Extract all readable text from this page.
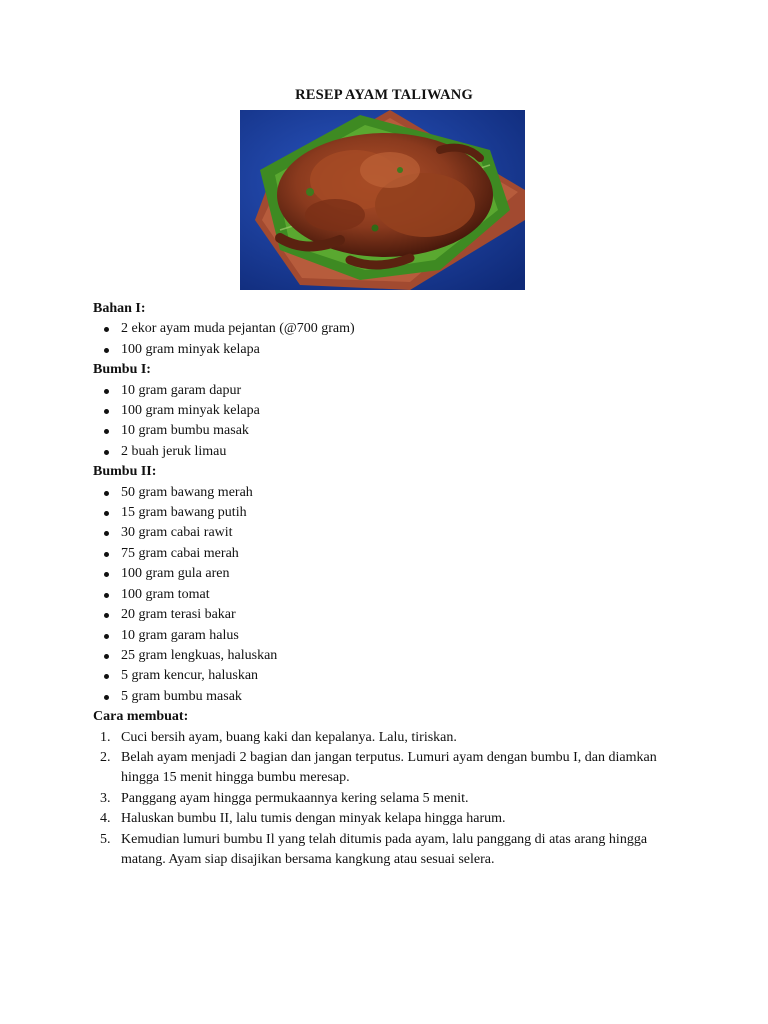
RESEP AYAM TALIWANG

Bahan I:

2 ekor ayam muda pejantan (@700 gram)
100 gram minyak kelapa

Bumbu I:

10 gram garam dapur
100 gram minyak kelapa
10 gram bumbu masak
2 buah jeruk limau

Bumbu II:

50 gram bawang merah
15 gram bawang putih
30 gram cabai rawit
75 gram cabai merah
100 gram gula aren
100 gram tomat
20 gram terasi bakar
10 gram garam halus
25 gram lengkuas, haluskan
5 gram kencur, haluskan
5 gram bumbu masak

Cara membuat:

1. Cuci bersih ayam, buang kaki dan kepalanya. Lalu, tiriskan.
2. Belah ayam menjadi 2 bagian dan jangan terputus. Lumuri ayam dengan bumbu I, dan diamkan hingga 15 menit hingga bumbu meresap.
3. Panggang ayam hingga permukaannya kering selama 5 menit.
4. Haluskan bumbu II, lalu tumis dengan minyak kelapa hingga harum.
5. Kemudian lumuri bumbu Il yang telah ditumis pada ayam, lalu panggang di atas arang hingga matang. Ayam siap disajikan bersama kangkung atau sesuai selera.
